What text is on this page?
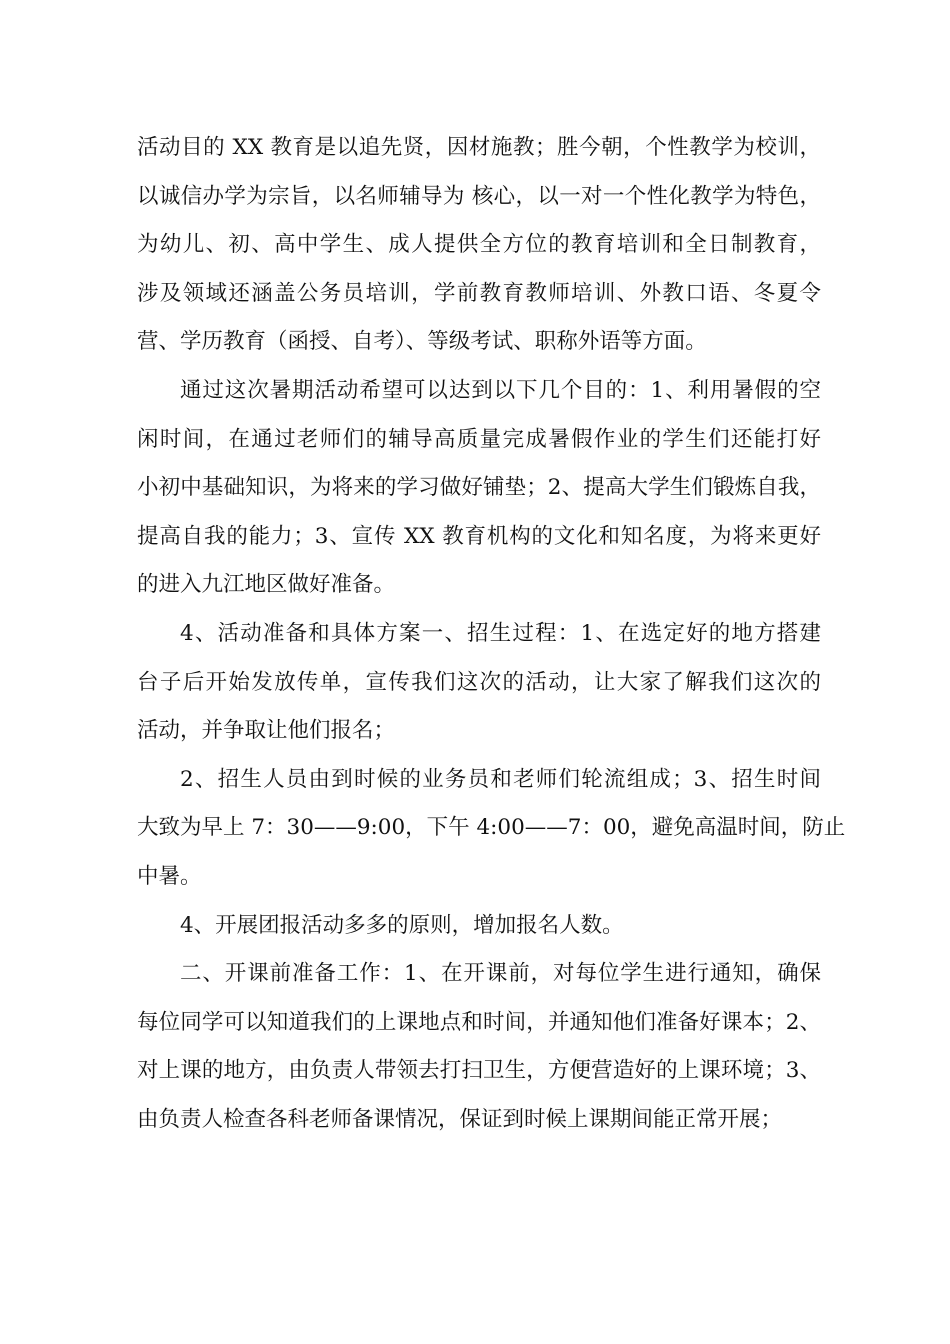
活动目的 XX 教育是以追先贤，因材施教；胜今朝，个性教学为校训，
以诚信办学为宗旨，以名师辅导为 核心，以一对一个性化教学为特色，
为幼儿、初、高中学生、成人提供全方位的教育培训和全日制教育，
涉及领域还涵盖公务员培训，学前教育教师培训、外教口语、冬夏令
营、学历教育（函授、自考）、等级考试、职称外语等方面。
通过这次暑期活动希望可以达到以下几个目的：1、利用暑假的空
闲时间，在通过老师们的辅导高质量完成暑假作业的学生们还能打好
小初中基础知识，为将来的学习做好铺垫；2、提高大学生们锻炼自我，
提高自我的能力；3、宣传 XX 教育机构的文化和知名度，为将来更好
的进入九江地区做好准备。
4、活动准备和具体方案一、招生过程：1、在选定好的地方搭建
台子后开始发放传单，宣传我们这次的活动，让大家了解我们这次的
活动，并争取让他们报名；
2、招生人员由到时候的业务员和老师们轮流组成；3、招生时间
大致为早上 7：30——9:00，下午 4:00——7：00，避免高温时间，防止
中暑。
4、开展团报活动多多的原则，增加报名人数。
二、开课前准备工作：1、在开课前，对每位学生进行通知，确保
每位同学可以知道我们的上课地点和时间，并通知他们准备好课本；2、
对上课的地方，由负责人带领去打扫卫生，方便营造好的上课环境；3、
由负责人检查各科老师备课情况，保证到时候上课期间能正常开展；
